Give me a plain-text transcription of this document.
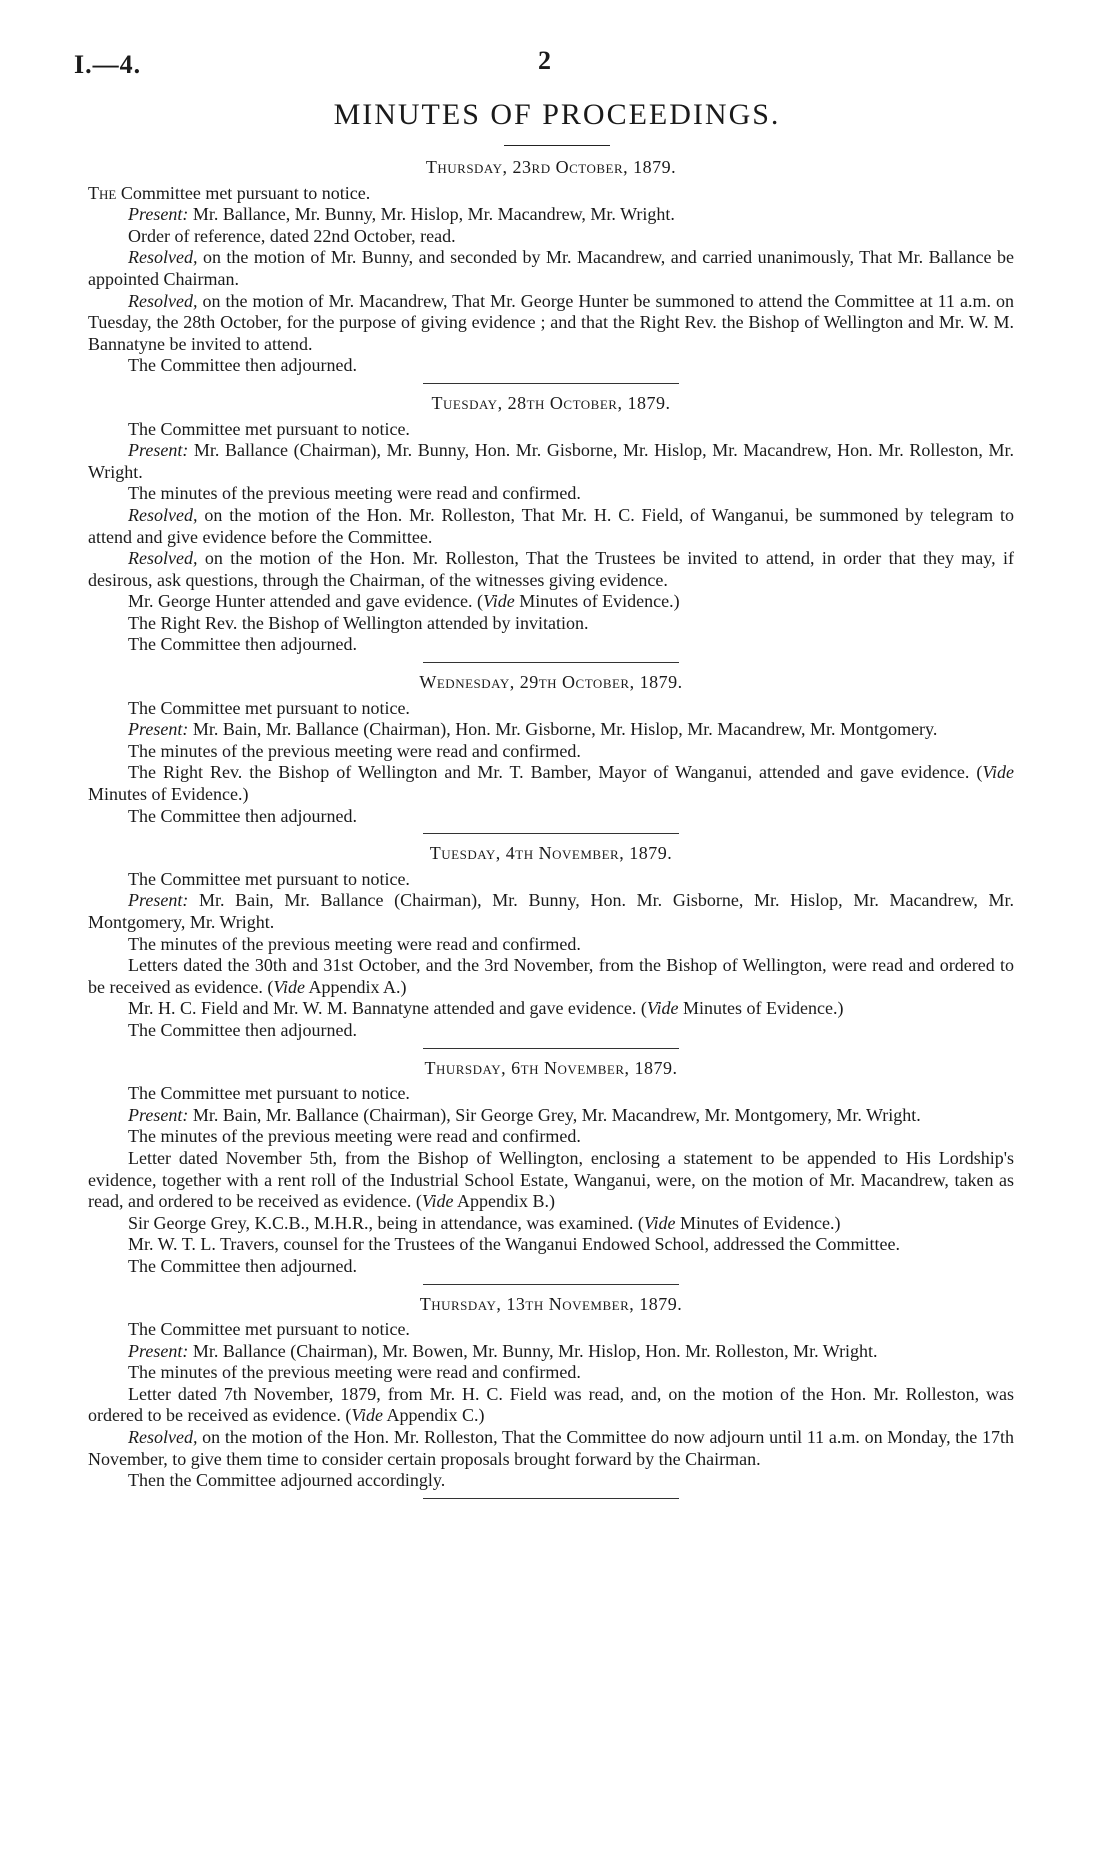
I.—4.	2
MINUTES OF PROCEEDINGS.
Thursday, 23rd October, 1879.

The Committee met pursuant to notice.

Present: Mr. Ballance, Mr. Bunny, Mr. Hislop, Mr. Macandrew, Mr. Wright.

Order of reference, dated 22nd October, read.

Resolved, on the motion of Mr. Bunny, and seconded by Mr. Macandrew, and carried unanimously, That Mr. Ballance be appointed Chairman.

Resolved, on the motion of Mr. Macandrew, That Mr. George Hunter be summoned to attend the Committee at 11 a.m. on Tuesday, the 28th October, for the purpose of giving evidence ; and that the Right Rev. the Bishop of Wellington and Mr. W. M. Bannatyne be invited to attend.

The Committee then adjourned.

Tuesday, 28th October, 1879.

The Committee met pursuant to notice.

Present: Mr. Ballance (Chairman), Mr. Bunny, Hon. Mr. Gisborne, Mr. Hislop, Mr. Macandrew, Hon. Mr. Rolleston, Mr. Wright.

The minutes of the previous meeting were read and confirmed.

Resolved, on the motion of the Hon. Mr. Rolleston, That Mr. H. C. Field, of Wanganui, be summoned by telegram to attend and give evidence before the Committee.

Resolved, on the motion of the Hon. Mr. Rolleston, That the Trustees be invited to attend, in order that they may, if desirous, ask questions, through the Chairman, of the witnesses giving evidence.

Mr. George Hunter attended and gave evidence. (Vide Minutes of Evidence.)

The Right Rev. the Bishop of Wellington attended by invitation.

The Committee then adjourned.

Wednesday, 29th October, 1879.

The Committee met pursuant to notice.

Present: Mr. Bain, Mr. Ballance (Chairman), Hon. Mr. Gisborne, Mr. Hislop, Mr. Macandrew, Mr. Montgomery.

The minutes of the previous meeting were read and confirmed.

The Right Rev. the Bishop of Wellington and Mr. T. Bamber, Mayor of Wanganui, attended and gave evidence. (Vide Minutes of Evidence.)

The Committee then adjourned.

Tuesday, 4th November, 1879.

The Committee met pursuant to notice.

Present: Mr. Bain, Mr. Ballance (Chairman), Mr. Bunny, Hon. Mr. Gisborne, Mr. Hislop, Mr. Macandrew, Mr. Montgomery, Mr. Wright.

The minutes of the previous meeting were read and confirmed.

Letters dated the 30th and 31st October, and the 3rd November, from the Bishop of Wellington, were read and ordered to be received as evidence. (Vide Appendix A.)

Mr. H. C. Field and Mr. W. M. Bannatyne attended and gave evidence. (Vide Minutes of Evidence.)

The Committee then adjourned.

Thursday, 6th November, 1879.

The Committee met pursuant to notice.

Present: Mr. Bain, Mr. Ballance (Chairman), Sir George Grey, Mr. Macandrew, Mr. Montgomery, Mr. Wright.

The minutes of the previous meeting were read and confirmed.

Letter dated November 5th, from the Bishop of Wellington, enclosing a statement to be appended to His Lordship's evidence, together with a rent roll of the Industrial School Estate, Wanganui, were, on the motion of Mr. Macandrew, taken as read, and ordered to be received as evidence. (Vide Appendix B.)

Sir George Grey, K.C.B., M.H.R., being in attendance, was examined. (Vide Minutes of Evidence.)

Mr. W. T. L. Travers, counsel for the Trustees of the Wanganui Endowed School, addressed the Committee.

The Committee then adjourned.

Thursday, 13th November, 1879.

The Committee met pursuant to notice.

Present: Mr. Ballance (Chairman), Mr. Bowen, Mr. Bunny, Mr. Hislop, Hon. Mr. Rolleston, Mr. Wright.

The minutes of the previous meeting were read and confirmed.

Letter dated 7th November, 1879, from Mr. H. C. Field was read, and, on the motion of the Hon. Mr. Rolleston, was ordered to be received as evidence. (Vide Appendix C.)

Resolved, on the motion of the Hon. Mr. Rolleston, That the Committee do now adjourn until 11 a.m. on Monday, the 17th November, to give them time to consider certain proposals brought forward by the Chairman.

Then the Committee adjourned accordingly.
